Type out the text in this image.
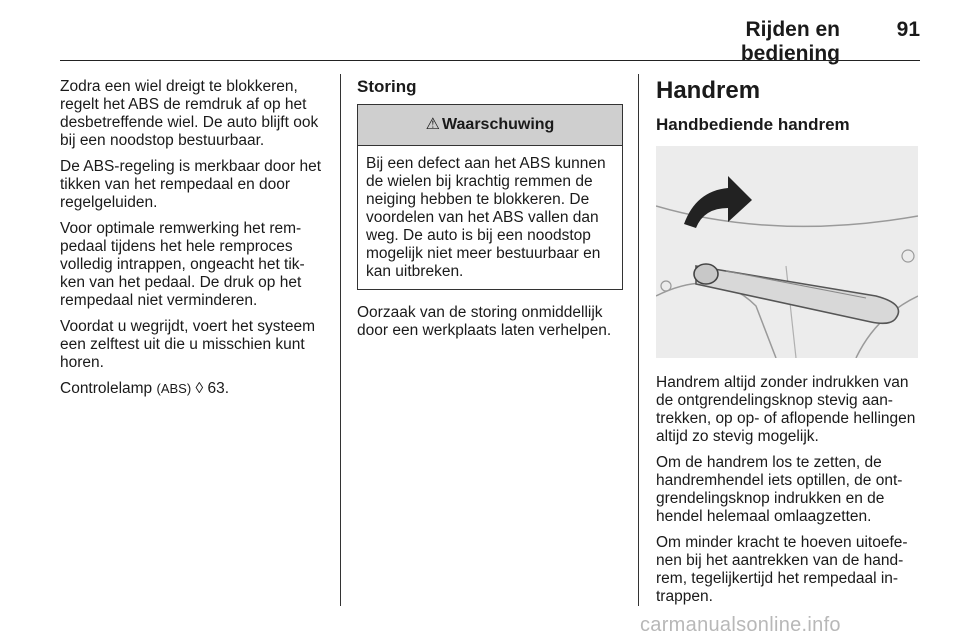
Rijden en bediening
91

Zodra een wiel dreigt te blokkeren, regelt het ABS de remdruk af op het desbetreffende wiel. De auto blijft ook bij een noodstop bestuurbaar.

De ABS-regeling is merkbaar door het tikken van het rempedaal en door regelgeluiden.

Voor optimale remwerking het rem-pedaal tijdens het hele remproces volledig intrappen, ongeacht het tik-ken van het pedaal. De druk op het rempedaal niet verminderen.

Voordat u wegrijdt, voert het systeem een zelftest uit die u misschien kunt horen.

Controlelamp (ABS) ◊ 63.

Storing
⚠ Waarschuwing
Bij een defect aan het ABS kunnen de wielen bij krachtig remmen de neiging hebben te blokkeren. De voordelen van het ABS vallen dan weg. De auto is bij een noodstop mogelijk niet meer bestuurbaar en kan uitbreken.

Oorzaak van de storing onmiddellijk door een werkplaats laten verhelpen.

Handrem
Handbediende handrem

Handrem altijd zonder indrukken van de ontgrendelingsknop stevig aan-trekken, op op- of aflopende hellingen altijd zo stevig mogelijk.

Om de handrem los te zetten, de handremhendel iets optillen, de ont-grendelingsknop indrukken en de hendel helemaal omlaagzetten.

Om minder kracht te hoeven uitoefe-nen bij het aantrekken van de hand-rem, tegelijkertijd het rempedaal in-trappen.

carmanualsonline.info
